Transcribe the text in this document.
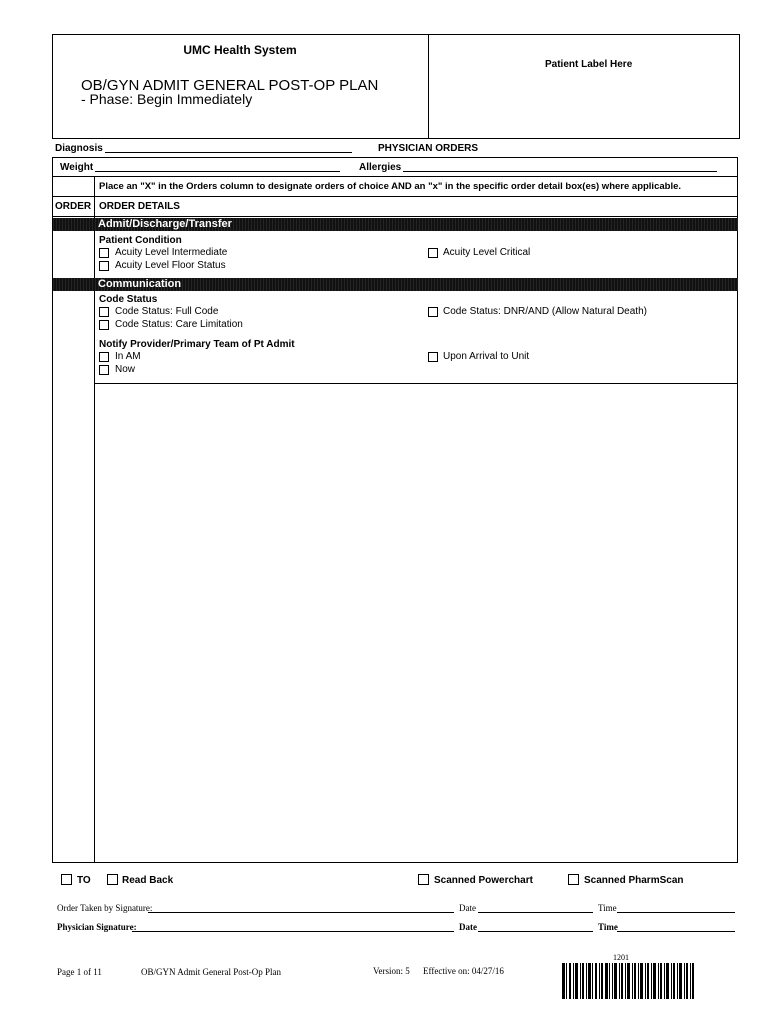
UMC Health System
OB/GYN ADMIT GENERAL POST-OP PLAN
- Phase: Begin Immediately
Patient Label Here
Diagnosis	PHYSICIAN ORDERS
Weight	Allergies
Place an "X" in the Orders column to designate orders of choice AND an "x" in the specific order detail box(es) where applicable.
ORDER ORDER DETAILS
Admit/Discharge/Transfer
Patient Condition
Acuity Level Intermediate
Acuity Level Floor Status
Acuity Level Critical
Communication
Code Status
Code Status: Full Code
Code Status: Care Limitation
Code Status: DNR/AND (Allow Natural Death)
Notify Provider/Primary Team of Pt Admit
In AM
Now
Upon Arrival to Unit
TO	Read Back	Scanned Powerchart	Scanned PharmScan
Order Taken by Signature:	Date	Time
Physician Signature:	Date	Time
Page 1 of 11	OB/GYN Admit General Post-Op Plan	Version: 5 Effective on: 04/27/16
1201
